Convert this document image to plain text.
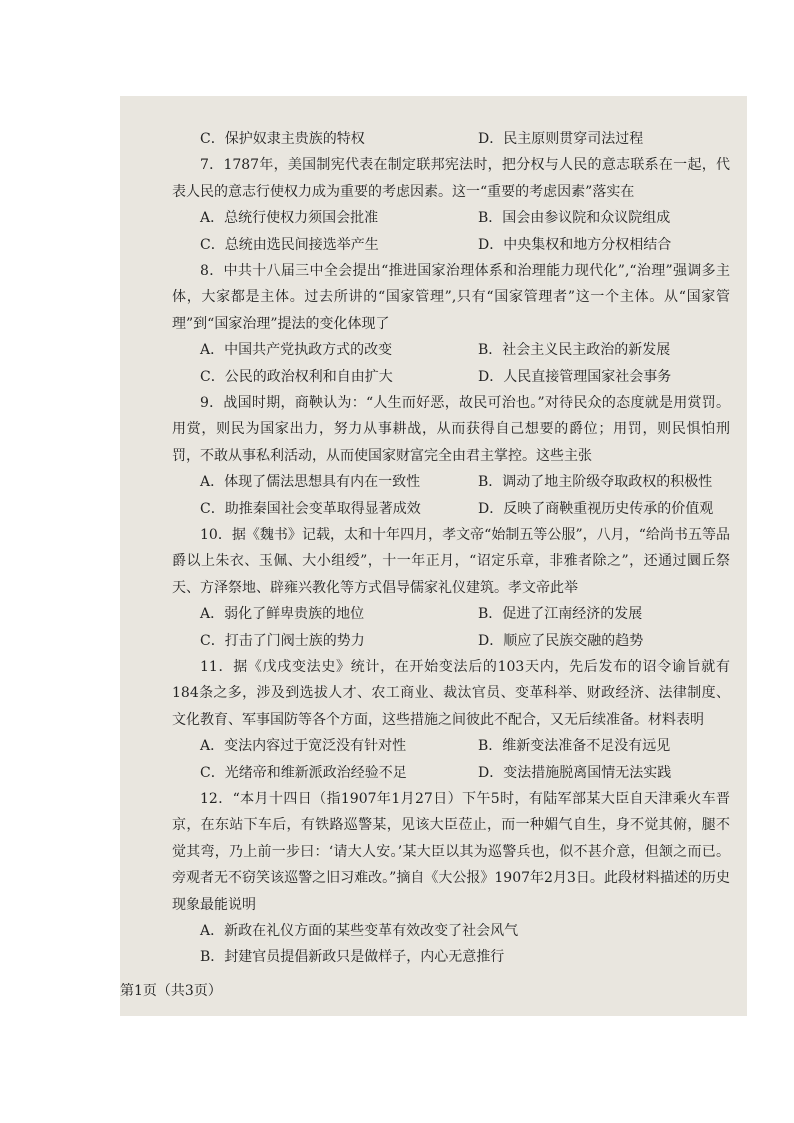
C．保护奴隶主贵族的特权	D．民主原则贯穿司法过程

7．1787年，美国制宪代表在制定联邦宪法时，把分权与人民的意志联系在一起，代表人民的意志行使权力成为重要的考虑因素。这一“重要的考虑因素”落实在

A．总统行使权力须国会批准	B．国会由参议院和众议院组成
C．总统由选民间接选举产生	D．中央集权和地方分权相结合

8．中共十八届三中全会提出“推进国家治理体系和治理能力现代化”,“治理”强调多主体，大家都是主体。过去所讲的“国家管理”,只有“国家管理者”这一个主体。从“国家管理”到“国家治理”提法的变化体现了

A．中国共产党执政方式的改变	B．社会主义民主政治的新发展
C．公民的政治权利和自由扩大	D．人民直接管理国家社会事务

9．战国时期，商鞅认为：“人生而好恶，故民可治也。”对待民众的态度就是用赏罚。用赏，则民为国家出力，努力从事耕战，从而获得自己想要的爵位；用罚，则民惧怕刑罚，不敢从事私利活动，从而使国家财富完全由君主掌控。这些主张

A．体现了儒法思想具有内在一致性	B．调动了地主阶级夺取政权的积极性
C．助推秦国社会变革取得显著成效	D．反映了商鞅重视历史传承的价值观

10．据《魏书》记载，太和十年四月，孝文帝“始制五等公服”，八月，“给尚书五等品爵以上朱衣、玉佩、大小组绶”，十一年正月，“诏定乐章，非雅者除之”，还通过圜丘祭天、方泽祭地、辟雍兴教化等方式倡导儒家礼仪建筑。孝文帝此举

A．弱化了鲜卑贵族的地位	B．促进了江南经济的发展
C．打击了门阀士族的势力	D．顺应了民族交融的趋势

11．据《戊戌变法史》统计，在开始变法后的103天内，先后发布的诏令谕旨就有184条之多，涉及到选拔人才、农工商业、裁汰官员、变革科举、财政经济、法律制度、文化教育、军事国防等各个方面，这些措施之间彼此不配合，又无后续准备。材料表明

A．变法内容过于宽泛没有针对性	B．维新变法准备不足没有远见
C．光绪帝和维新派政治经验不足	D．变法措施脱离国情无法实践

12．“本月十四日（指1907年1月27日）下午5时，有陆军部某大臣自天津乘火车晋京，在东站下车后，有铁路巡警某，见该大臣莅止，而一种媚气自生，身不觉其俯，腿不觉其弯，乃上前一步曰：‘请大人安。’某大臣以其为巡警兵也，似不甚介意，但颔之而已。旁观者无不窃笑该巡警之旧习难改。”摘自《大公报》1907年2月3日。此段材料描述的历史现象最能说明

A．新政在礼仪方面的某些变革有效改变了社会风气
B．封建官员提倡新政只是做样子，内心无意推行
第1页（共3页）
